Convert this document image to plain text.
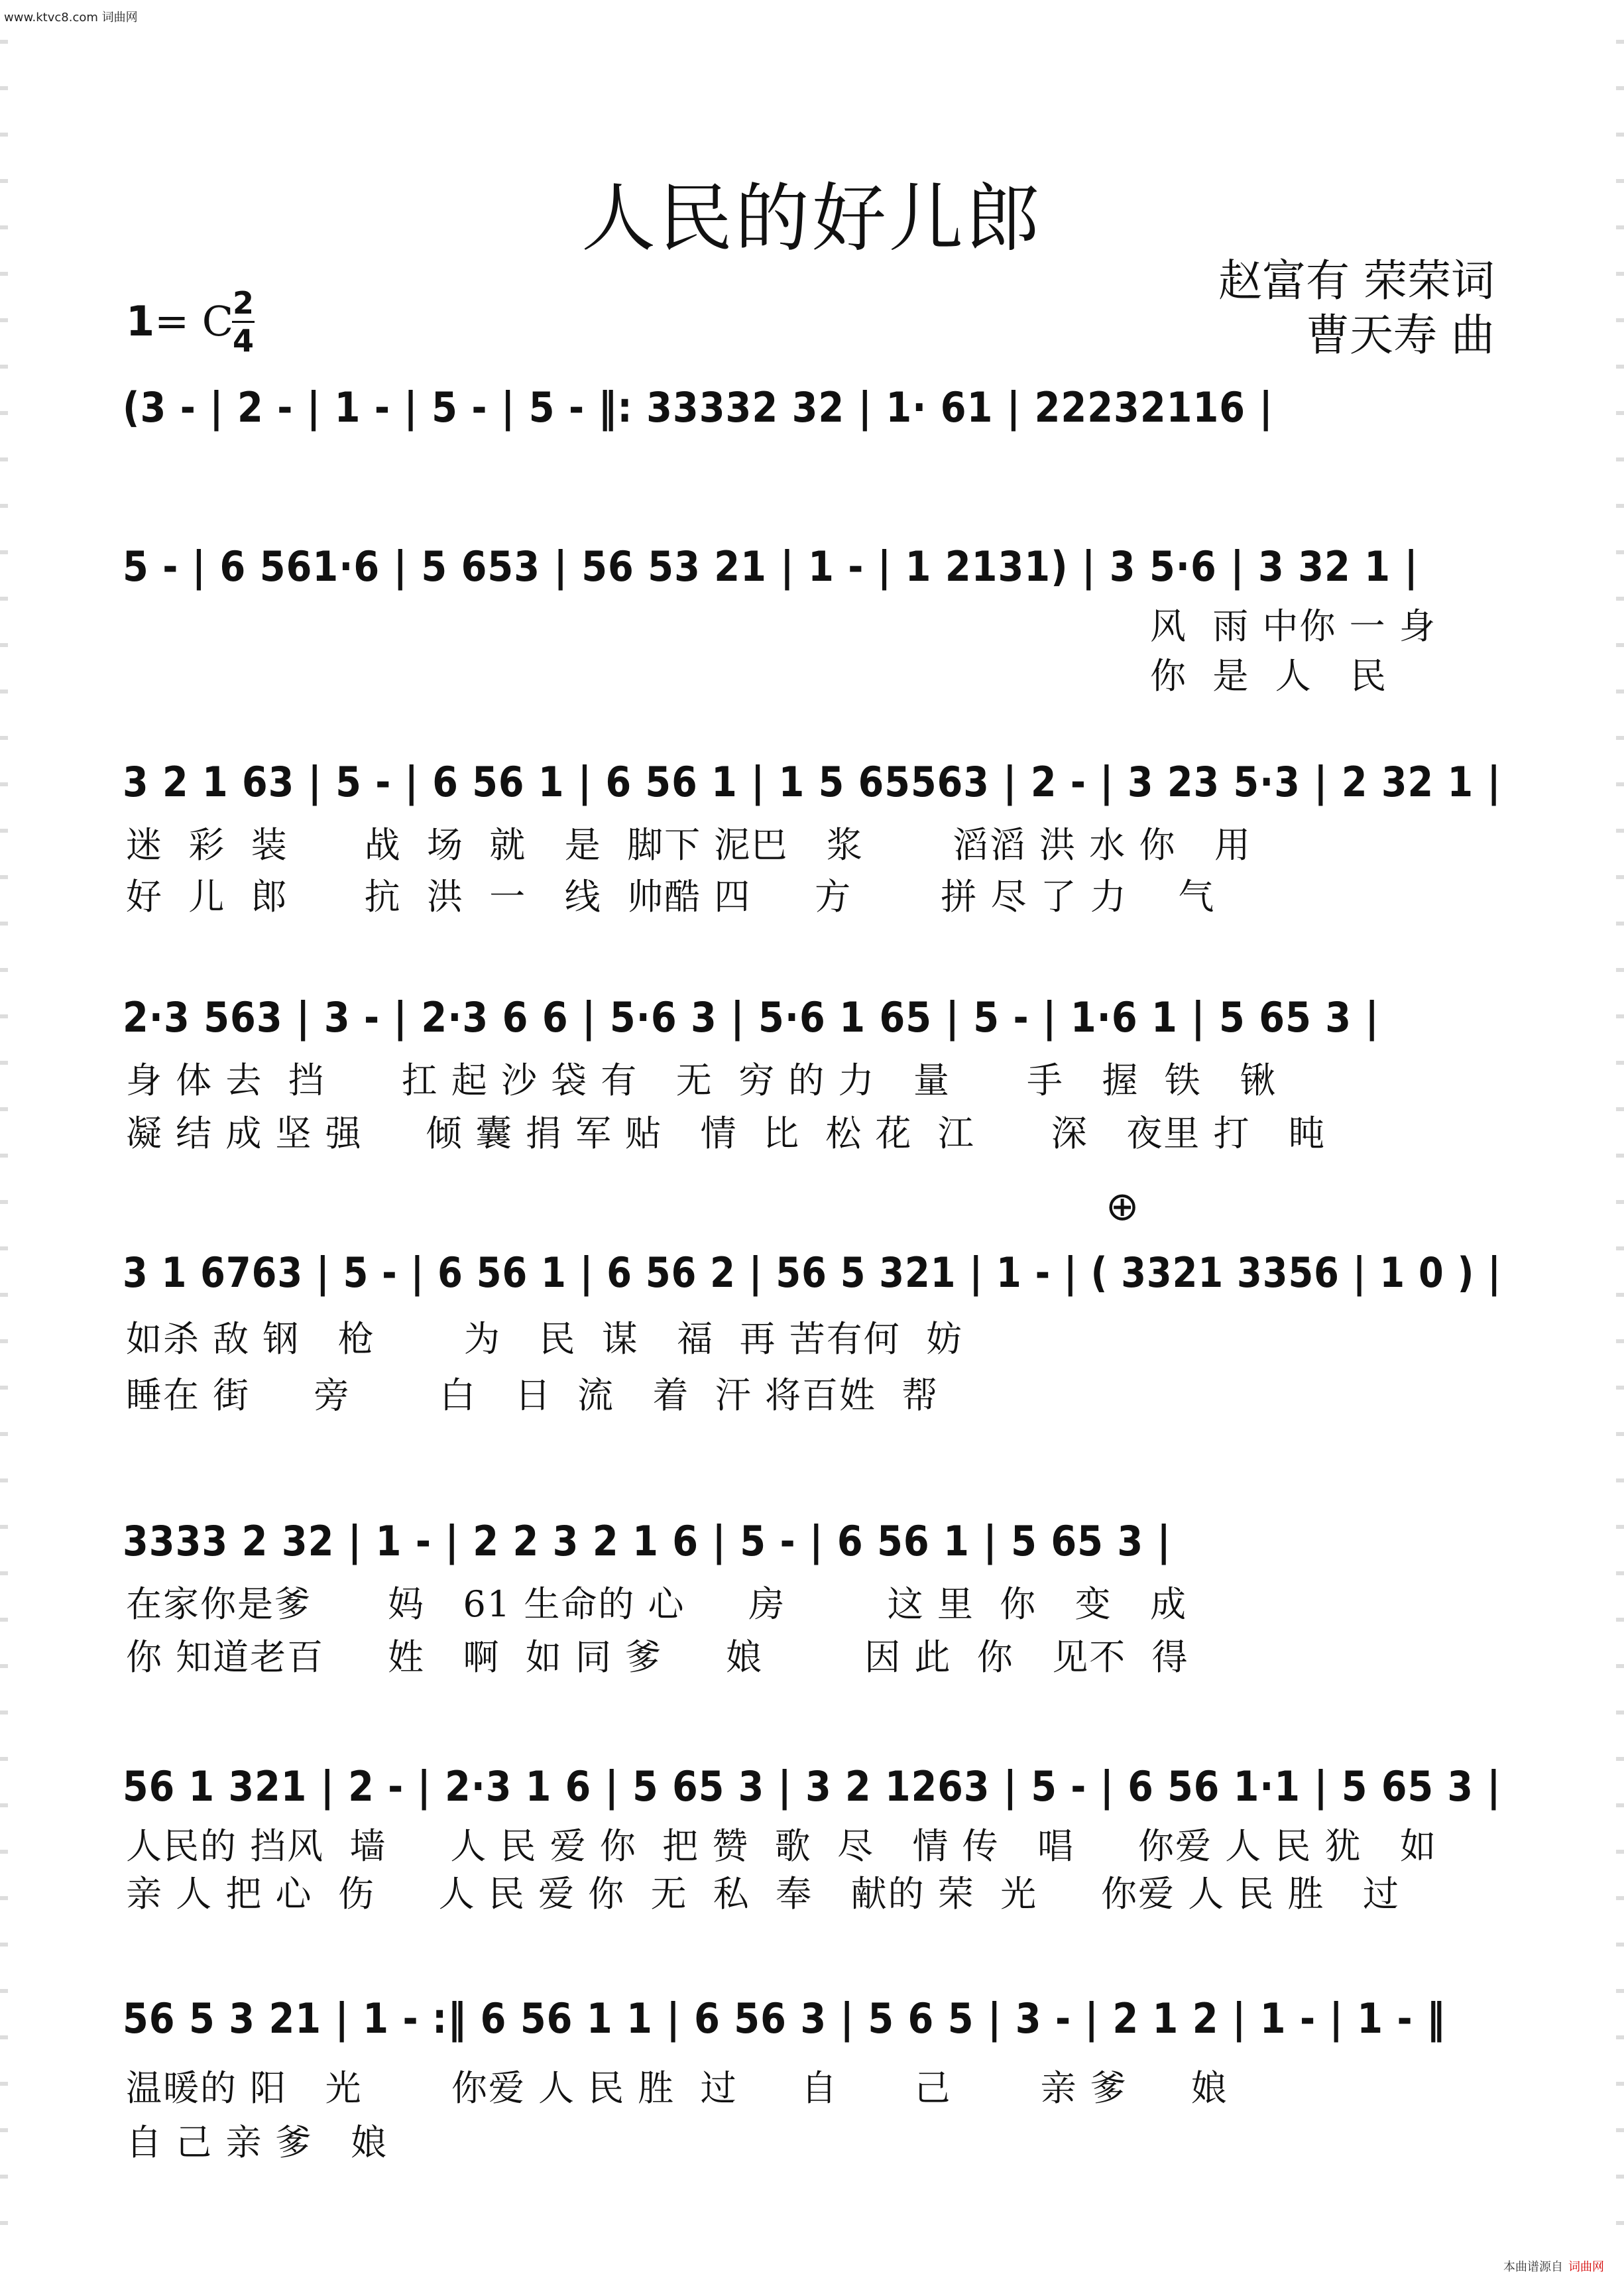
www.ktvc8.com 词曲网
人民的好儿郎
赵富有 荣荣词
曹天寿 曲
1= C
2
4
(3 - | 2 - | 1 - | 5 - | 5 - ‖: 33332 32 | 1· 61 | 22232116 |
5 - | 6 561·6 | 5 653 | 56 53 21 | 1 - | 1 2131) | 3 5·6 | 3 32 1 |
风  雨 中你 一 身
你  是  人   民
3 2 1 63 | 5 - | 6 56 1 | 6 56 1 | 1 5 65563 | 2 - | 3 23 5·3 | 2 32 1 |
迷  彩  装      战  场  就   是  脚下 泥巴   浆       滔滔 洪 水 你   用
好  儿  郎      抗  洪  一   线  帅酷 四     方       拼 尽 了 力    气
2·3 563 | 3 - | 2·3 6 6 | 5·6 3 | 5·6 1 65 | 5 - | 1·6 1 | 5 65 3 |
身 体 去  挡      扛 起 沙 袋 有   无  穷 的 力   量      手   握  铁   锹
凝 结 成 坚 强     倾 囊 捐 军 贴   情  比  松 花  江      深   夜里 打   盹
⊕
3 1 6763 | 5 - | 6 56 1 | 6 56 2 | 56 5 321 | 1 - | ( 3321 3356 | 1 0 ) |
如杀 敌 钢   枪       为   民  谋   福  再 苦有何  妨
睡在 街     旁       白   日  流   着  汗 将百姓  帮
3333 2 32 | 1 - | 2 2 3 2 1 6 | 5 - | 6 56 1 | 5 65 3 |
在家你是爹      妈   61 生命的 心     房        这 里  你   变   成
你 知道老百     姓   啊  如 同 爹     娘        因 此  你   见不  得
56 1 321 | 2 - | 2·3 1 6 | 5 65 3 | 3 2 1263 | 5 - | 6 56 1·1 | 5 65 3 |
人民的 挡风  墙     人 民 爱 你  把 赞  歌  尽   情 传   唱     你爱 人 民 犹   如
亲 人 把 心  伤     人 民 爱 你  无  私  奉   献的 荣  光     你爱 人 民 胜   过
56 5 3 21 | 1 - :‖ 6 56 1 1 | 6 56 3 | 5 6 5 | 3 - | 2 1 2 | 1 - | 1 - ‖
温暖的 阳   光       你爱 人 民 胜  过     自      己       亲 爹     娘
自 己 亲 爹   娘
本曲谱源自 词曲网
